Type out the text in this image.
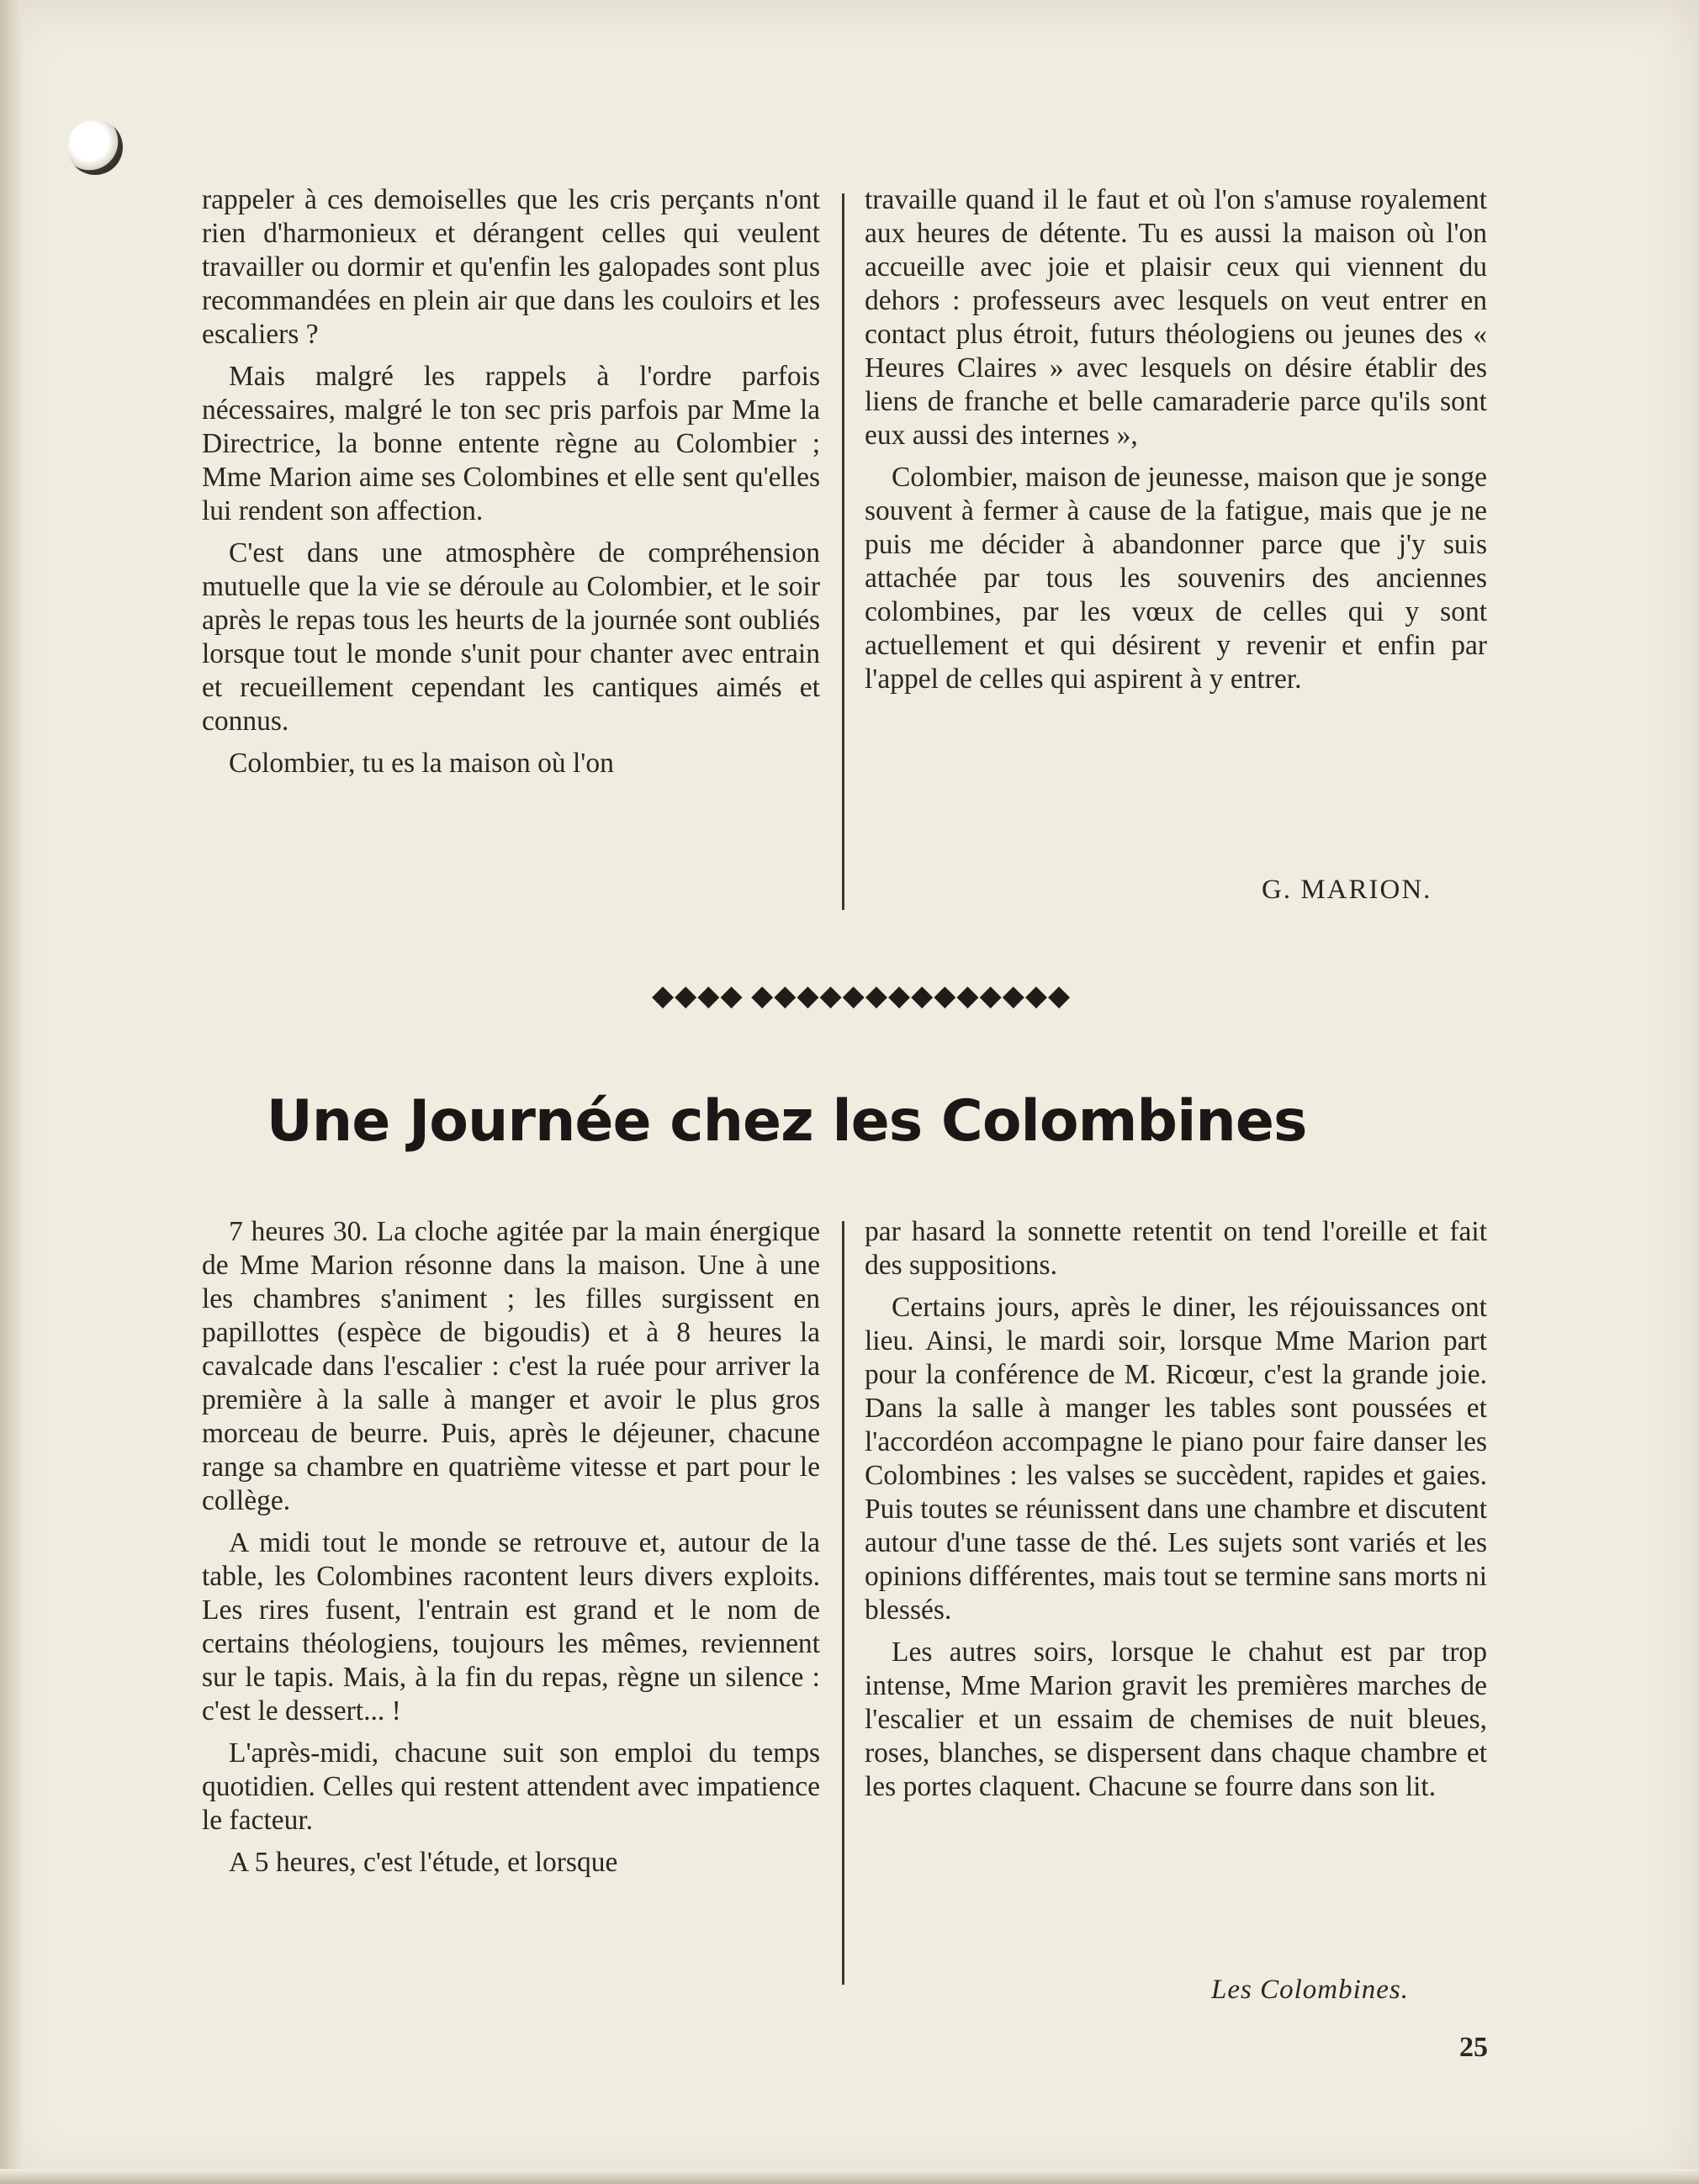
rappeler à ces demoiselles que les cris perçants n'ont rien d'harmonieux et dérangent celles qui veulent travailler ou dormir et qu'enfin les galopades sont plus recommandées en plein air que dans les couloirs et les escaliers ?

Mais malgré les rappels à l'ordre parfois nécessaires, malgré le ton sec pris parfois par Mme la Directrice, la bonne entente règne au Colombier ; Mme Marion aime ses Colombines et elle sent qu'elles lui rendent son affection.

C'est dans une atmosphère de compréhension mutuelle que la vie se déroule au Colombier, et le soir après le repas tous les heurts de la journée sont oubliés lorsque tout le monde s'unit pour chanter avec entrain et recueillement cependant les cantiques aimés et connus.

Colombier, tu es la maison où l'on

travaille quand il le faut et où l'on s'amuse royalement aux heures de détente. Tu es aussi la maison où l'on accueille avec joie et plaisir ceux qui viennent du dehors : professeurs avec lesquels on veut entrer en contact plus étroit, futurs théologiens ou jeunes des « Heures Claires » avec lesquels on désire établir des liens de franche et belle camaraderie parce qu'ils sont eux aussi des internes »,

Colombier, maison de jeunesse, maison que je songe souvent à fermer à cause de la fatigue, mais que je ne puis me décider à abandonner parce que j'y suis attachée par tous les souvenirs des anciennes colombines, par les vœux de celles qui y sont actuellement et qui désirent y revenir et enfin par l'appel de celles qui aspirent à y entrer.

G. MARION.
◆◆◆◆ ◆◆◆◆◆◆◆◆◆◆◆◆◆◆
Une Journée chez les Colombines

7 heures 30. La cloche agitée par la main énergique de Mme Marion résonne dans la maison. Une à une les chambres s'animent ; les filles surgissent en papillottes (espèce de bigoudis) et à 8 heures la cavalcade dans l'escalier : c'est la ruée pour arriver la première à la salle à manger et avoir le plus gros morceau de beurre. Puis, après le déjeuner, chacune range sa chambre en quatrième vitesse et part pour le collège.

A midi tout le monde se retrouve et, autour de la table, les Colombines racontent leurs divers exploits. Les rires fusent, l'entrain est grand et le nom de certains théologiens, toujours les mêmes, reviennent sur le tapis. Mais, à la fin du repas, règne un silence : c'est le dessert... !

L'après-midi, chacune suit son emploi du temps quotidien. Celles qui restent attendent avec impatience le facteur.

A 5 heures, c'est l'étude, et lorsque

par hasard la sonnette retentit on tend l'oreille et fait des suppositions.

Certains jours, après le diner, les réjouissances ont lieu. Ainsi, le mardi soir, lorsque Mme Marion part pour la conférence de M. Ricœur, c'est la grande joie. Dans la salle à manger les tables sont poussées et l'accordéon accompagne le piano pour faire danser les Colombines : les valses se succèdent, rapides et gaies. Puis toutes se réunissent dans une chambre et discutent autour d'une tasse de thé. Les sujets sont variés et les opinions différentes, mais tout se termine sans morts ni blessés.

Les autres soirs, lorsque le chahut est par trop intense, Mme Marion gravit les premières marches de l'escalier et un essaim de chemises de nuit bleues, roses, blanches, se dispersent dans chaque chambre et les portes claquent. Chacune se fourre dans son lit.

Les Colombines.
25
